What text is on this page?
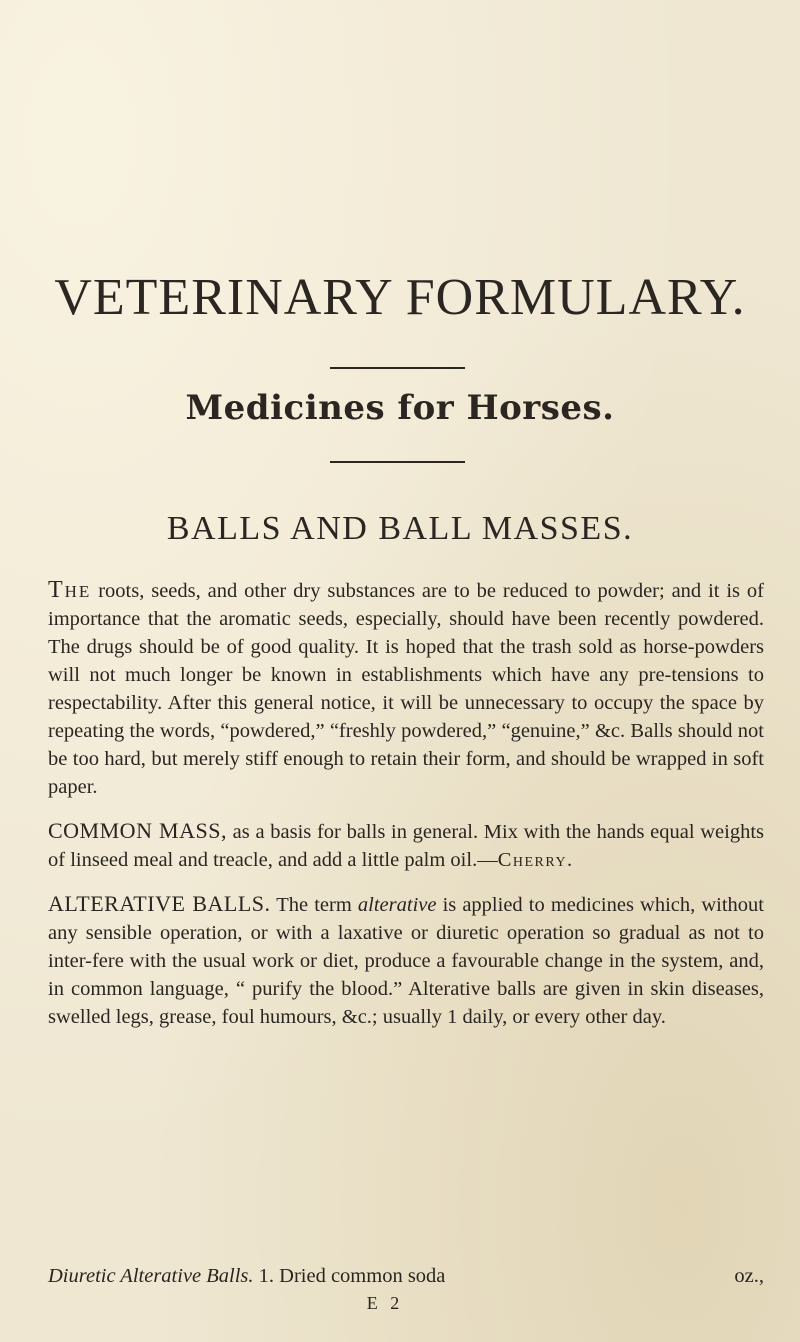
VETERINARY FORMULARY.
Medicines for Horses.
BALLS AND BALL MASSES.

The roots, seeds, and other dry substances are to be reduced to powder; and it is of importance that the aromatic seeds, especially, should have been recently powdered. The drugs should be of good quality. It is hoped that the trash sold as horse-powders will not much longer be known in establishments which have any pre-tensions to respectability. After this general notice, it will be unnecessary to occupy the space by repeating the words, “powdered,” “freshly powdered,” “genuine,” &c. Balls should not be too hard, but merely stiff enough to retain their form, and should be wrapped in soft paper.

COMMON MASS, as a basis for balls in general. Mix with the hands equal weights of linseed meal and treacle, and add a little palm oil.—Cherry.

ALTERATIVE BALLS. The term alterative is applied to medicines which, without any sensible operation, or with a laxative or diuretic operation so gradual as not to inter-fere with the usual work or diet, produce a favourable change in the system, and, in common language, “ purify the blood.” Alterative balls are given in skin diseases, swelled legs, grease, foul humours, &c.; usually 1 daily, or every other day.

Diuretic Alterative Balls. 1. Dried common soda	oz.,
E 2
